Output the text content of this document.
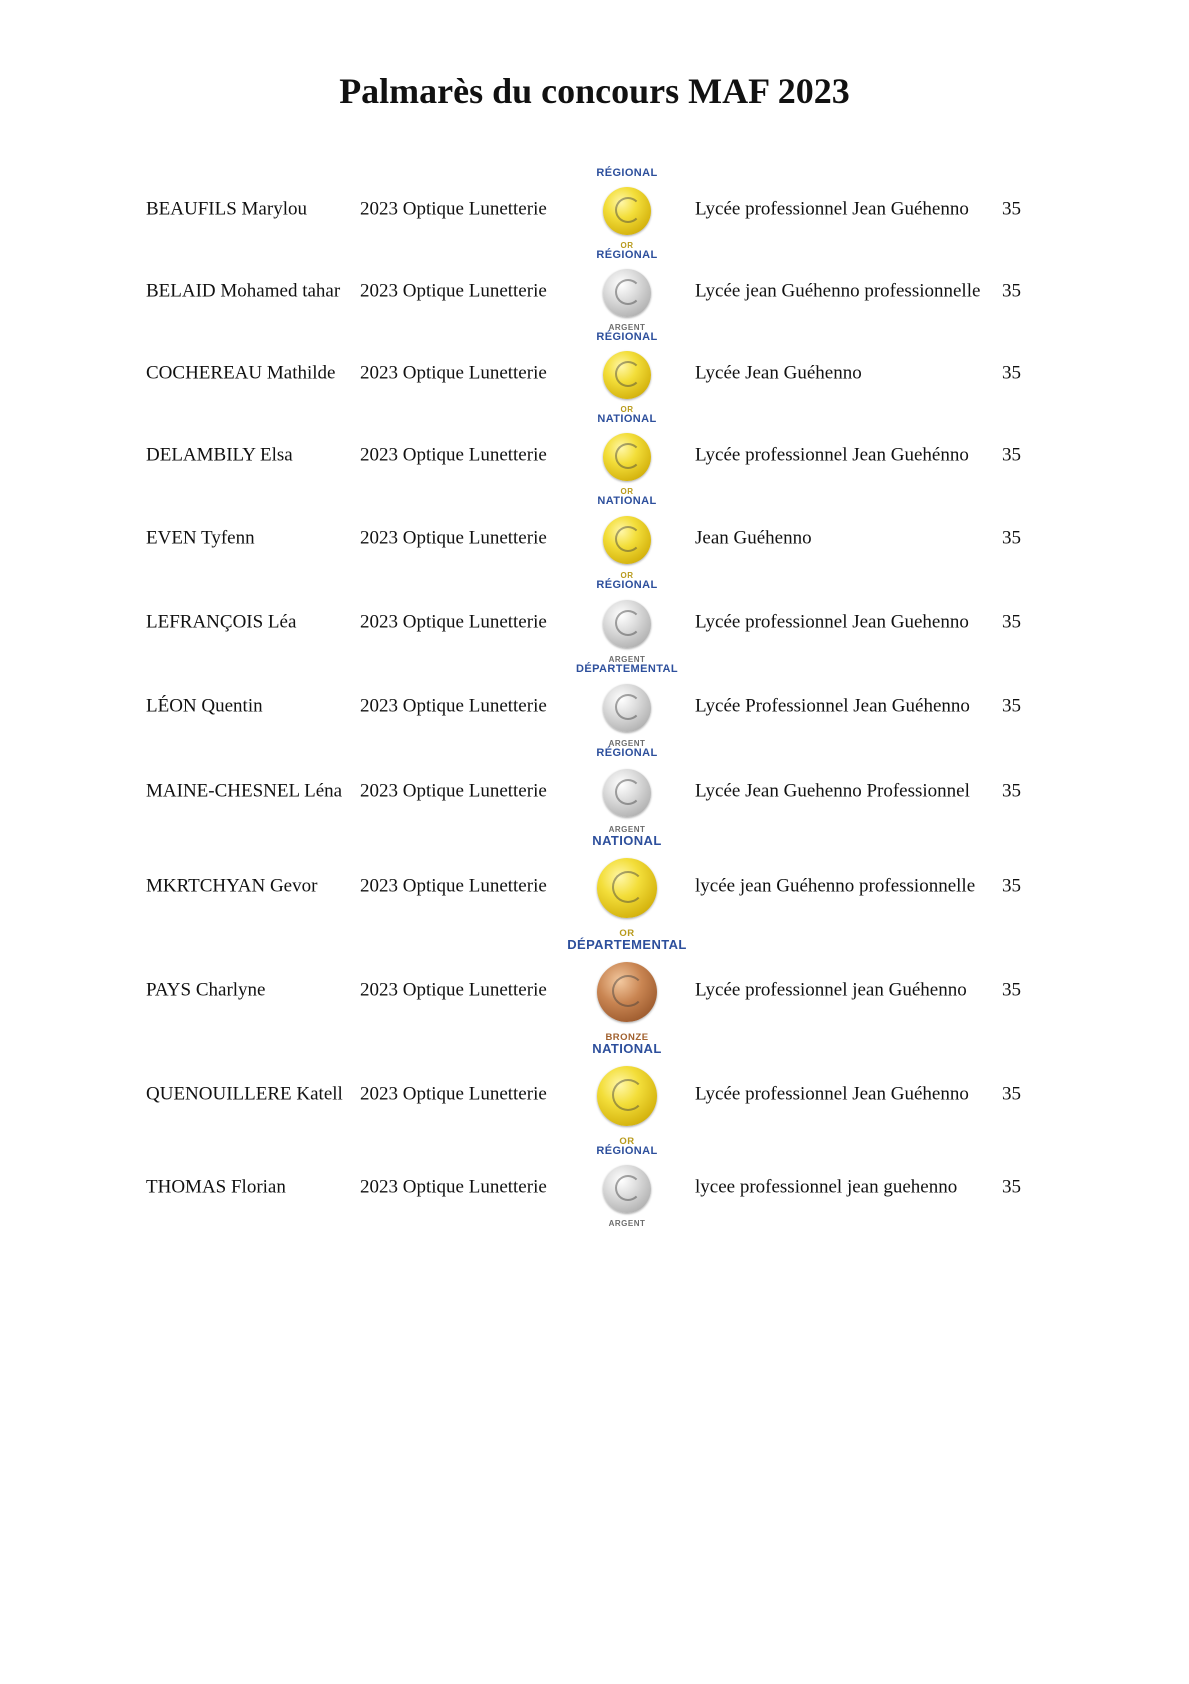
Palmarès du concours MAF 2023
BEAUFILS Marylou	2023 Optique Lunetterie
RÉGIONAL
OR
Lycée professionnel Jean Guéhenno 35
BELAID Mohamed tahar 2023 Optique Lunetterie
RÉGIONAL
ARGENT
Lycée jean Guéhenno professionnelle 35
COCHEREAU Mathilde 2023 Optique Lunetterie
RÉGIONAL
OR
Lycée Jean Guéhenno	35
DELAMBILY Elsa	2023 Optique Lunetterie
NATIONAL
OR
Lycée professionnel Jean Guehénno 35
EVEN Tyfenn	2023 Optique Lunetterie
NATIONAL
OR
Jean Guéhenno	35
LEFRANÇOIS Léa	2023 Optique Lunetterie
RÉGIONAL
ARGENT
Lycée professionnel Jean Guehenno 35
LÉON Quentin	2023 Optique Lunetterie
DÉPARTEMENTAL
ARGENT
Lycée Professionnel Jean Guéhenno 35
MAINE-CHESNEL Léna 2023 Optique Lunetterie
RÉGIONAL
ARGENT
Lycée Jean Guehenno Professionnel 35
MKRTCHYAN Gevor 2023 Optique Lunetterie
NATIONAL
OR
lycée jean Guéhenno professionnelle 35
PAYS Charlyne	2023 Optique Lunetterie
DÉPARTEMENTAL
BRONZE
Lycée professionnel jean Guéhenno 35
QUENOUILLERE Katell 2023 Optique Lunetterie
NATIONAL
OR
Lycée professionnel Jean Guéhenno 35
THOMAS Florian	2023 Optique Lunetterie
RÉGIONAL
ARGENT
lycee professionnel jean guehenno 35
